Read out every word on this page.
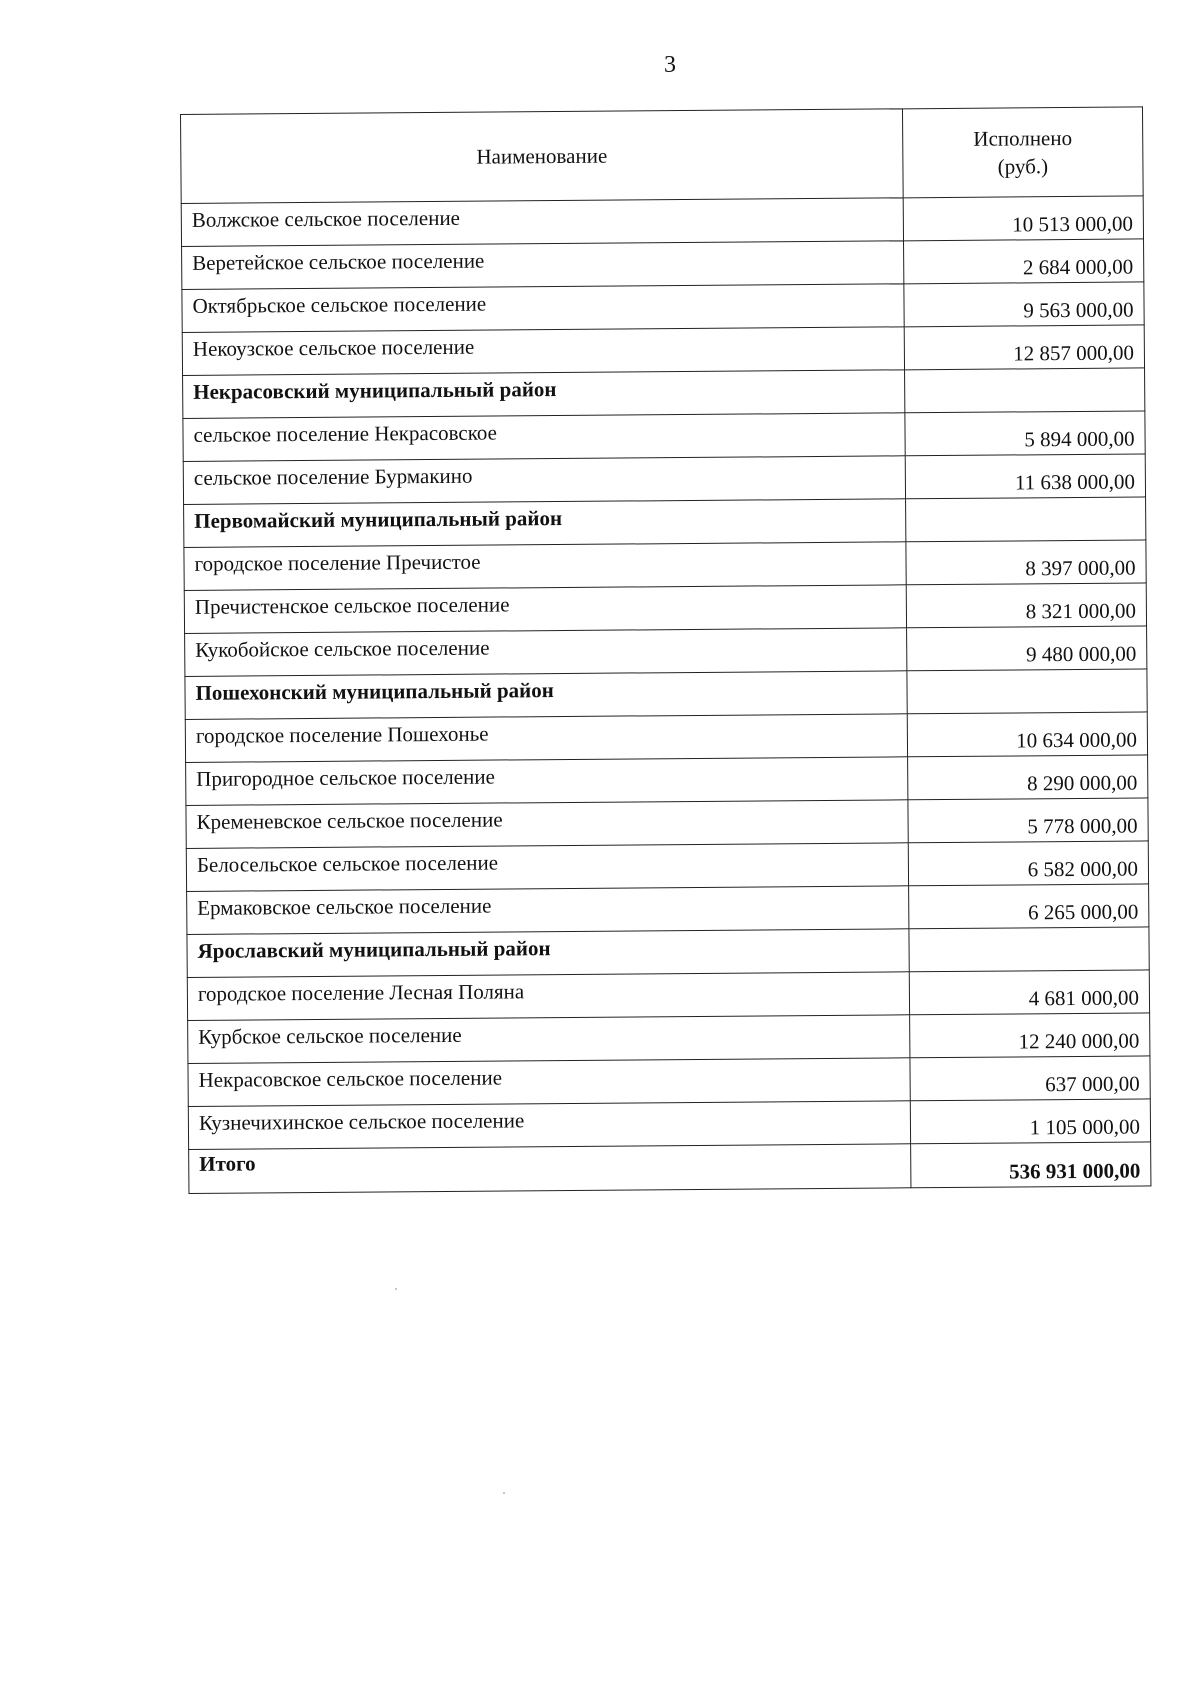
3
Наименование	Исполнено
(руб.)
Волжское сельское поселение	10 513 000,00
Веретейское сельское поселение	2 684 000,00
Октябрьское сельское поселение	9 563 000,00
Некоузское сельское поселение	12 857 000,00
Некрасовский муниципальный район	
сельское поселение Некрасовское	5 894 000,00
сельское поселение Бурмакино	11 638 000,00
Первомайский муниципальный район	
городское поселение Пречистое	8 397 000,00
Пречистенское сельское поселение	8 321 000,00
Кукобойское сельское поселение	9 480 000,00
Пошехонский муниципальный район	
городское поселение Пошехонье	10 634 000,00
Пригородное сельское поселение	8 290 000,00
Кременевское сельское поселение	5 778 000,00
Белосельское сельское поселение	6 582 000,00
Ермаковское сельское поселение	6 265 000,00
Ярославский муниципальный район	
городское поселение Лесная Поляна	4 681 000,00
Курбское сельское поселение	12 240 000,00
Некрасовское сельское поселение	637 000,00
Кузнечихинское сельское поселение	1 105 000,00
Итого	536 931 000,00
